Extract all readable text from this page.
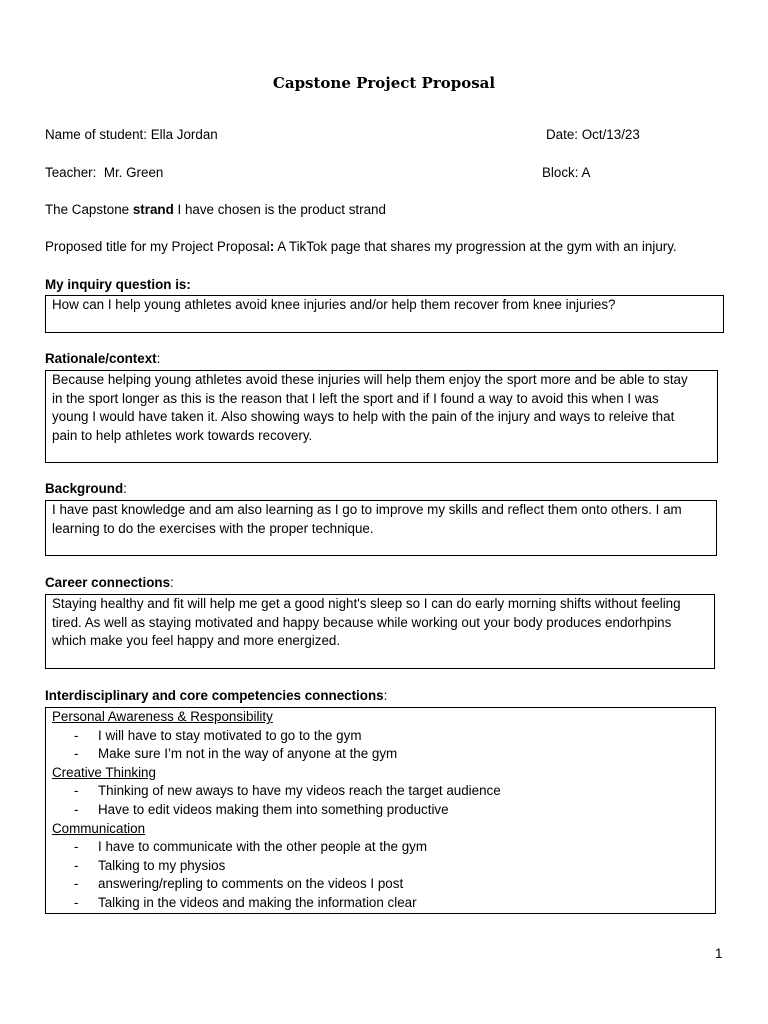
Capstone Project Proposal
Name of student: Ella Jordan	Date: Oct/13/23
Teacher: Mr. Green	Block: A
The Capstone strand I have chosen is the product strand
Proposed title for my Project Proposal: A TikTok page that shares my progression at the gym with an injury.
My inquiry question is:
How can I help young athletes avoid knee injuries and/or help them recover from knee injuries?
Rationale/context:
Because helping young athletes avoid these injuries will help them enjoy the sport more and be able to stay
in the sport longer as this is the reason that I left the sport and if I found a way to avoid this when I was
young I would have taken it. Also showing ways to help with the pain of the injury and ways to releive that
pain to help athletes work towards recovery.
Background:
I have past knowledge and am also learning as I go to improve my skills and reflect them onto others. I am
learning to do the exercises with the proper technique.
Career connections:
Staying healthy and fit will help me get a good night's sleep so I can do early morning shifts without feeling
tired. As well as staying motivated and happy because while working out your body produces endorhpins
which make you feel happy and more energized.
Interdisciplinary and core competencies connections:
Personal Awareness & Responsibility
- I will have to stay motivated to go to the gym
- Make sure I’m not in the way of anyone at the gym
Creative Thinking
- Thinking of new aways to have my videos reach the target audience
- Have to edit videos making them into something productive
Communication
- I have to communicate with the other people at the gym
- Talking to my physios
- answering/repling to comments on the videos I post
- Talking in the videos and making the information clear
1
